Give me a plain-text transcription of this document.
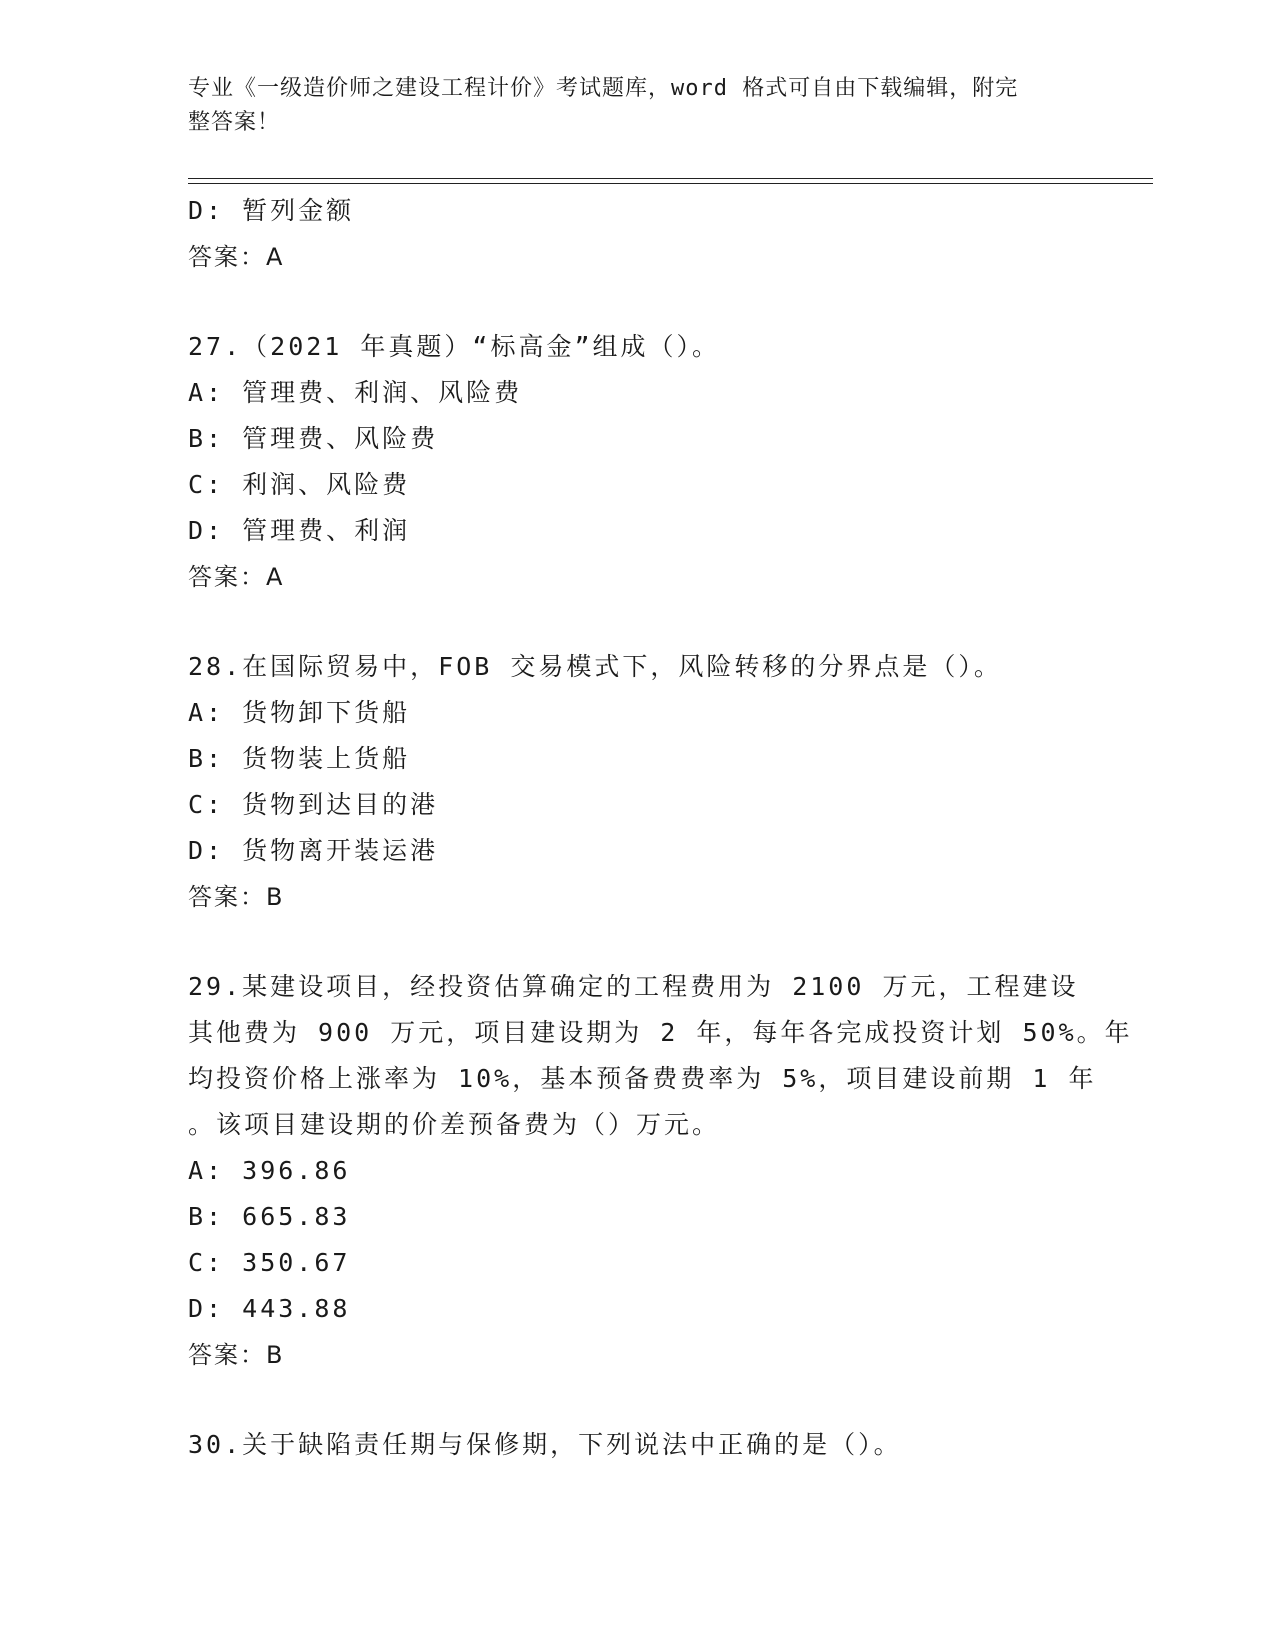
专业《一级造价师之建设工程计价》考试题库，word 格式可自由下载编辑，附完
整答案！
D: 暂列金额
答案：A
27.（2021 年真题）“标高金”组成（）。
A: 管理费、利润、风险费
B: 管理费、风险费
C: 利润、风险费
D: 管理费、利润
答案：A
28.在国际贸易中，FOB 交易模式下，风险转移的分界点是（）。
A: 货物卸下货船
B: 货物装上货船
C: 货物到达目的港
D: 货物离开装运港
答案：B
29.某建设项目，经投资估算确定的工程费用为 2100 万元，工程建设
其他费为 900 万元，项目建设期为 2 年，每年各完成投资计划 50%。年
均投资价格上涨率为 10%，基本预备费费率为 5%，项目建设前期 1 年
。该项目建设期的价差预备费为（）万元。
A: 396.86
B: 665.83
C: 350.67
D: 443.88
答案：B
30.关于缺陷责任期与保修期，下列说法中正确的是（）。
